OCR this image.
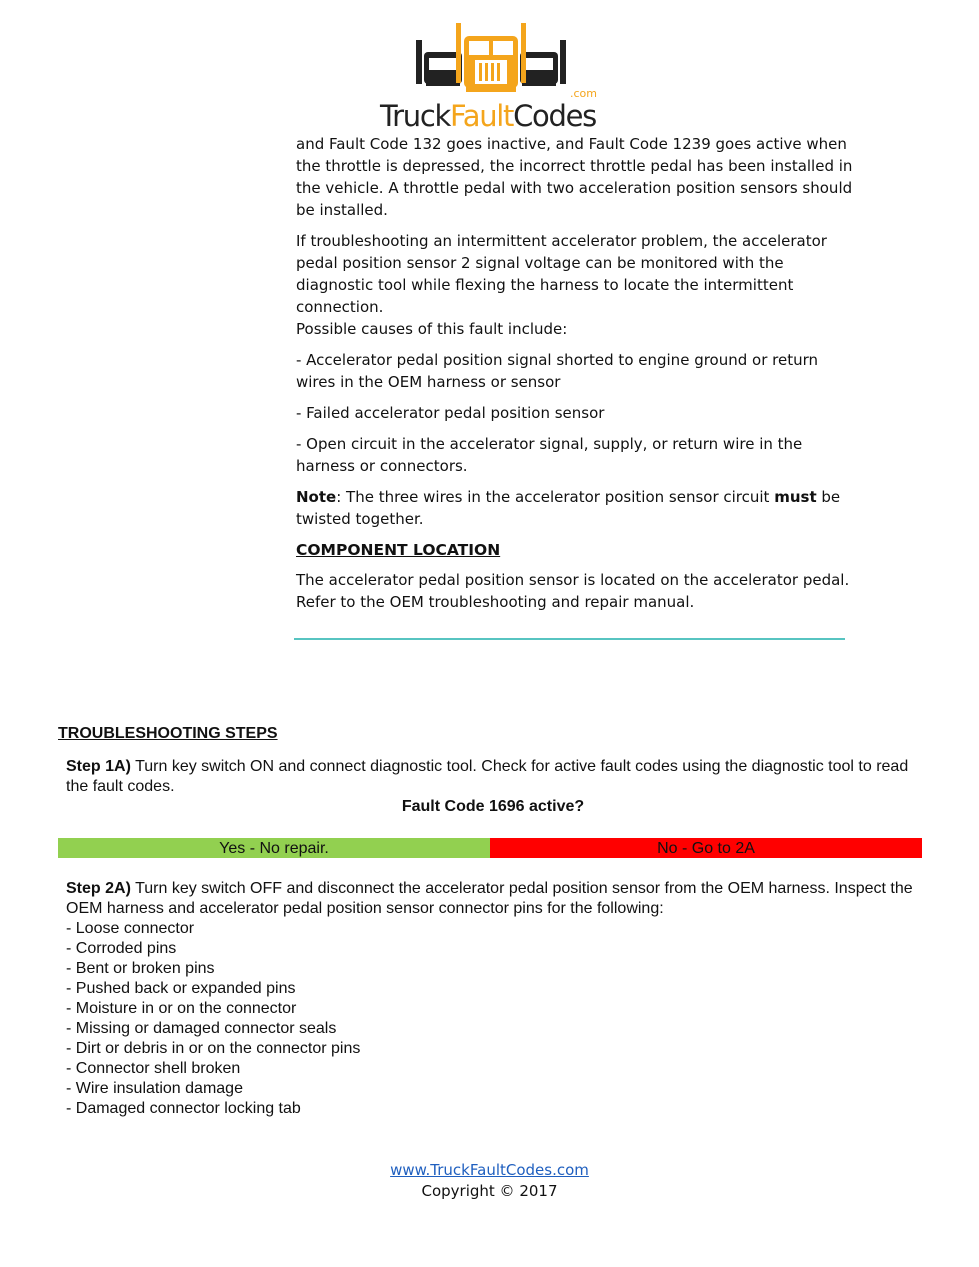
TruckFaultCodes
.com

and Fault Code 132 goes inactive, and Fault Code 1239 goes active when the throttle is depressed, the incorrect throttle pedal has been installed in the vehicle. A throttle pedal with two acceleration position sensors should be installed.

If troubleshooting an intermittent accelerator problem, the accelerator pedal position sensor 2 signal voltage can be monitored with the diagnostic tool while flexing the harness to locate the intermittent connection.

Possible causes of this fault include:

- Accelerator pedal position signal shorted to engine ground or return wires in the OEM harness or sensor

- Failed accelerator pedal position sensor

- Open circuit in the accelerator signal, supply, or return wire in the harness or connectors.

Note: The three wires in the accelerator position sensor circuit must be twisted together.

COMPONENT LOCATION

The accelerator pedal position sensor is located on the accelerator pedal. Refer to the OEM troubleshooting and repair manual.

TROUBLESHOOTING STEPS

Step 1A) Turn key switch ON and connect diagnostic tool. Check for active fault codes using the diagnostic tool to read the fault codes.
Fault Code 1696 active?
Yes - No repair.	No - Go to 2A
Step 2A) Turn key switch OFF and disconnect the accelerator pedal position sensor from the OEM harness. Inspect the OEM harness and accelerator pedal position sensor connector pins for the following:
- Loose connector
- Corroded pins
- Bent or broken pins
- Pushed back or expanded pins
- Moisture in or on the connector
- Missing or damaged connector seals
- Dirt or debris in or on the connector pins
- Connector shell broken
- Wire insulation damage
- Damaged connector locking tab
www.TruckFaultCodes.com
Copyright © 2017
